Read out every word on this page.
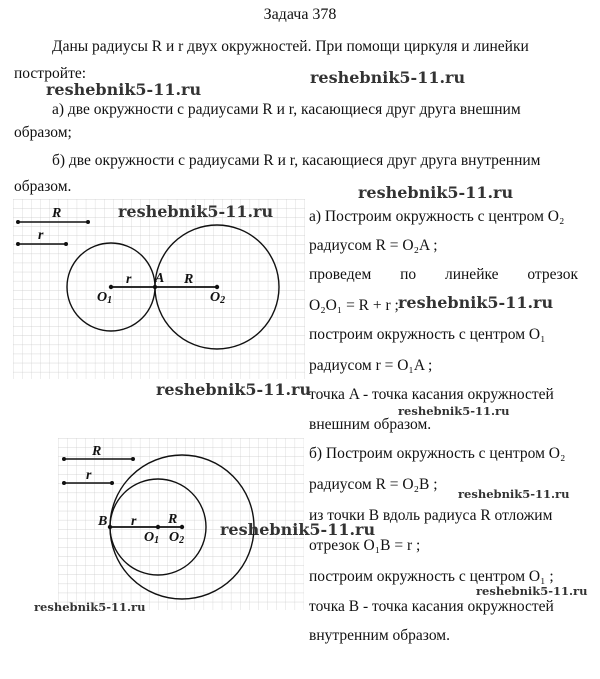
Задача 378
Даны радиусы R и r двух окружностей. При помощи циркуля и линейки
постройте:
а) две окружности с радиусами R и r, касающиеся друг друга внешним
образом;
б) две окружности с радиусами R и r, касающиеся друг друга внутренним
образом.
а) Построим окружность с центром O₂
радиусом R = O₂A ;
проведем по линейке отрезок
O₂O₁ = R + r ;
построим окружность с центром O₁
радиусом r = O₁A ;
точка A - точка касания окружностей
внешним образом.
б) Построим окружность с центром O₂
радиусом R = O₂B ;
из точки B вдоль радиуса R отложим
отрезок O₁B = r ;
построим окружность с центром O₁ ;
точка B - точка касания окружностей
внутренним образом.
R
r
r A R
O1	O2
R
r
B r R
O1 O2
reshebnik5-11.ru
reshebnik5-11.ru
reshebnik5-11.ru
reshebnik5-11.ru
reshebnik5-11.ru
reshebnik5-11.ru
reshebnik5-11.ru
reshebnik5-11.ru
reshebnik5-11.ru
reshebnik5-11.ru
reshebnik5-11.ru
